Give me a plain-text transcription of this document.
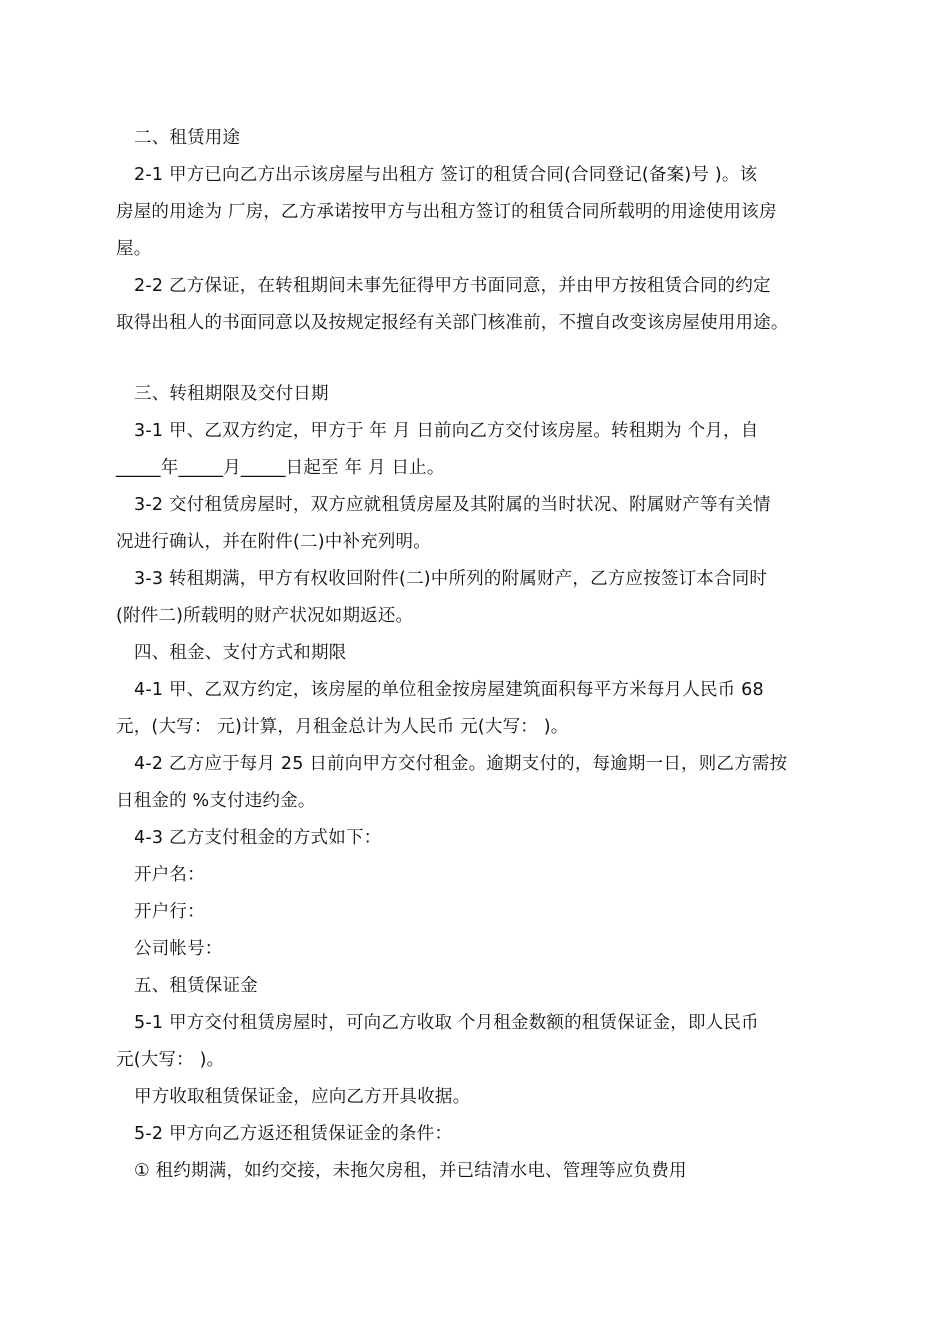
二、租赁用途
2-1 甲方已向乙方出示该房屋与出租方 签订的租赁合同(合同登记(备案)号 )。该
房屋的用途为 厂房，乙方承诺按甲方与出租方签订的租赁合同所载明的用途使用该房
屋。
2-2 乙方保证，在转租期间未事先征得甲方书面同意，并由甲方按租赁合同的约定
取得出租人的书面同意以及按规定报经有关部门核准前，不擅自改变该房屋使用用途。
三、转租期限及交付日期
3-1 甲、乙双方约定，甲方于 年 月 日前向乙方交付该房屋。转租期为 个月，自
_____年_____月_____日起至 年 月 日止。
3-2 交付租赁房屋时，双方应就租赁房屋及其附属的当时状况、附属财产等有关情
况进行确认，并在附件(二)中补充列明。
3-3 转租期满，甲方有权收回附件(二)中所列的附属财产，乙方应按签订本合同时
(附件二)所载明的财产状况如期返还。
四、租金、支付方式和期限
4-1 甲、乙双方约定，该房屋的单位租金按房屋建筑面积每平方米每月人民币 68
元，(大写： 元)计算，月租金总计为人民币 元(大写： )。
4-2 乙方应于每月 25 日前向甲方交付租金。逾期支付的，每逾期一日，则乙方需按
日租金的 %支付违约金。
4-3 乙方支付租金的方式如下：
开户名：
开户行：
公司帐号：
五、租赁保证金
5-1 甲方交付租赁房屋时，可向乙方收取 个月租金数额的租赁保证金，即人民币
元(大写： )。
甲方收取租赁保证金，应向乙方开具收据。
5-2 甲方向乙方返还租赁保证金的条件：
① 租约期满，如约交接，未拖欠房租，并已结清水电、管理等应负费用
